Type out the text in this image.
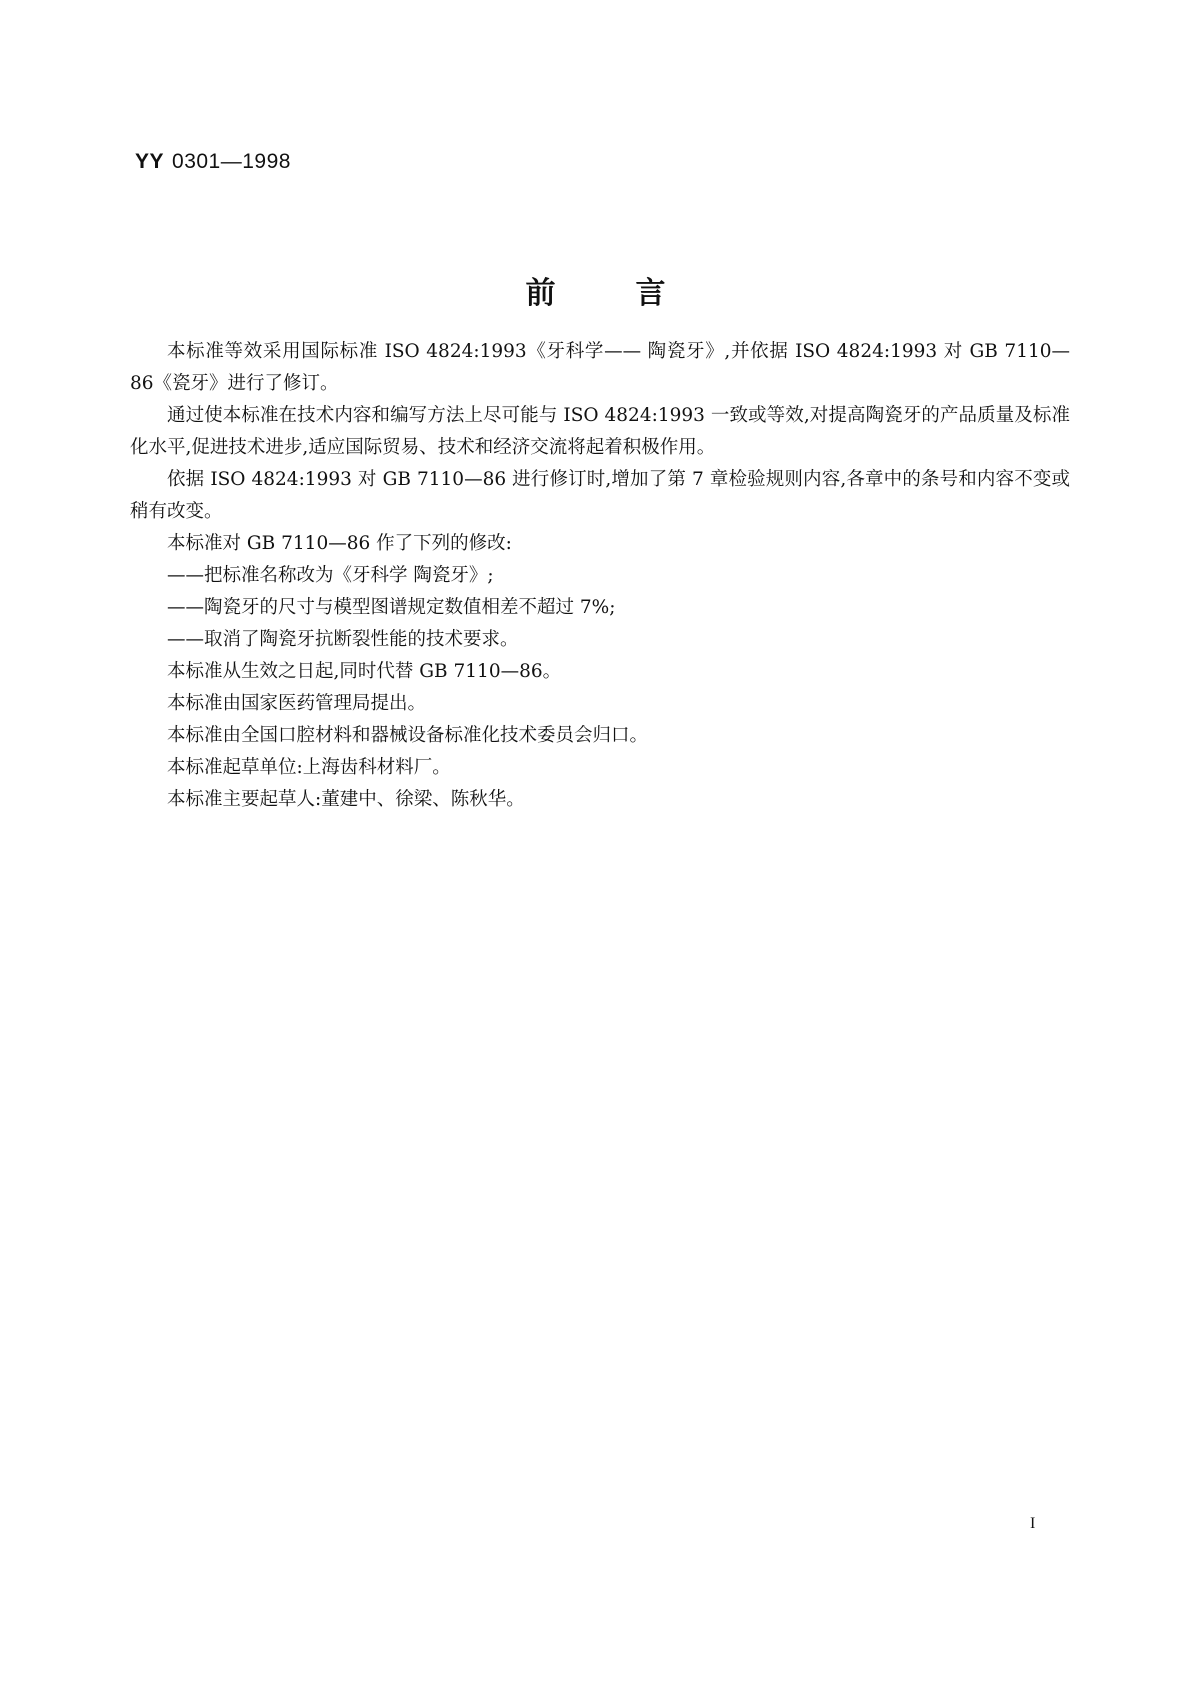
YY 0301—1998
前言

本标准等效采用国际标准 ISO 4824:1993《牙科学—— 陶瓷牙》,并依据 ISO 4824:1993 对 GB 7110—86《瓷牙》进行了修订。

通过使本标准在技术内容和编写方法上尽可能与 ISO 4824:1993 一致或等效,对提高陶瓷牙的产品质量及标准化水平,促进技术进步,适应国际贸易、技术和经济交流将起着积极作用。

依据 ISO 4824:1993 对 GB 7110—86 进行修订时,增加了第 7 章检验规则内容,各章中的条号和内容不变或稍有改变。

本标准对 GB 7110—86 作了下列的修改:

——把标准名称改为《牙科学 陶瓷牙》;

——陶瓷牙的尺寸与模型图谱规定数值相差不超过 7%;

——取消了陶瓷牙抗断裂性能的技术要求。

本标准从生效之日起,同时代替 GB 7110—86。

本标准由国家医药管理局提出。

本标准由全国口腔材料和器械设备标准化技术委员会归口。

本标准起草单位:上海齿科材料厂。

本标准主要起草人:董建中、徐梁、陈秋华。

I
